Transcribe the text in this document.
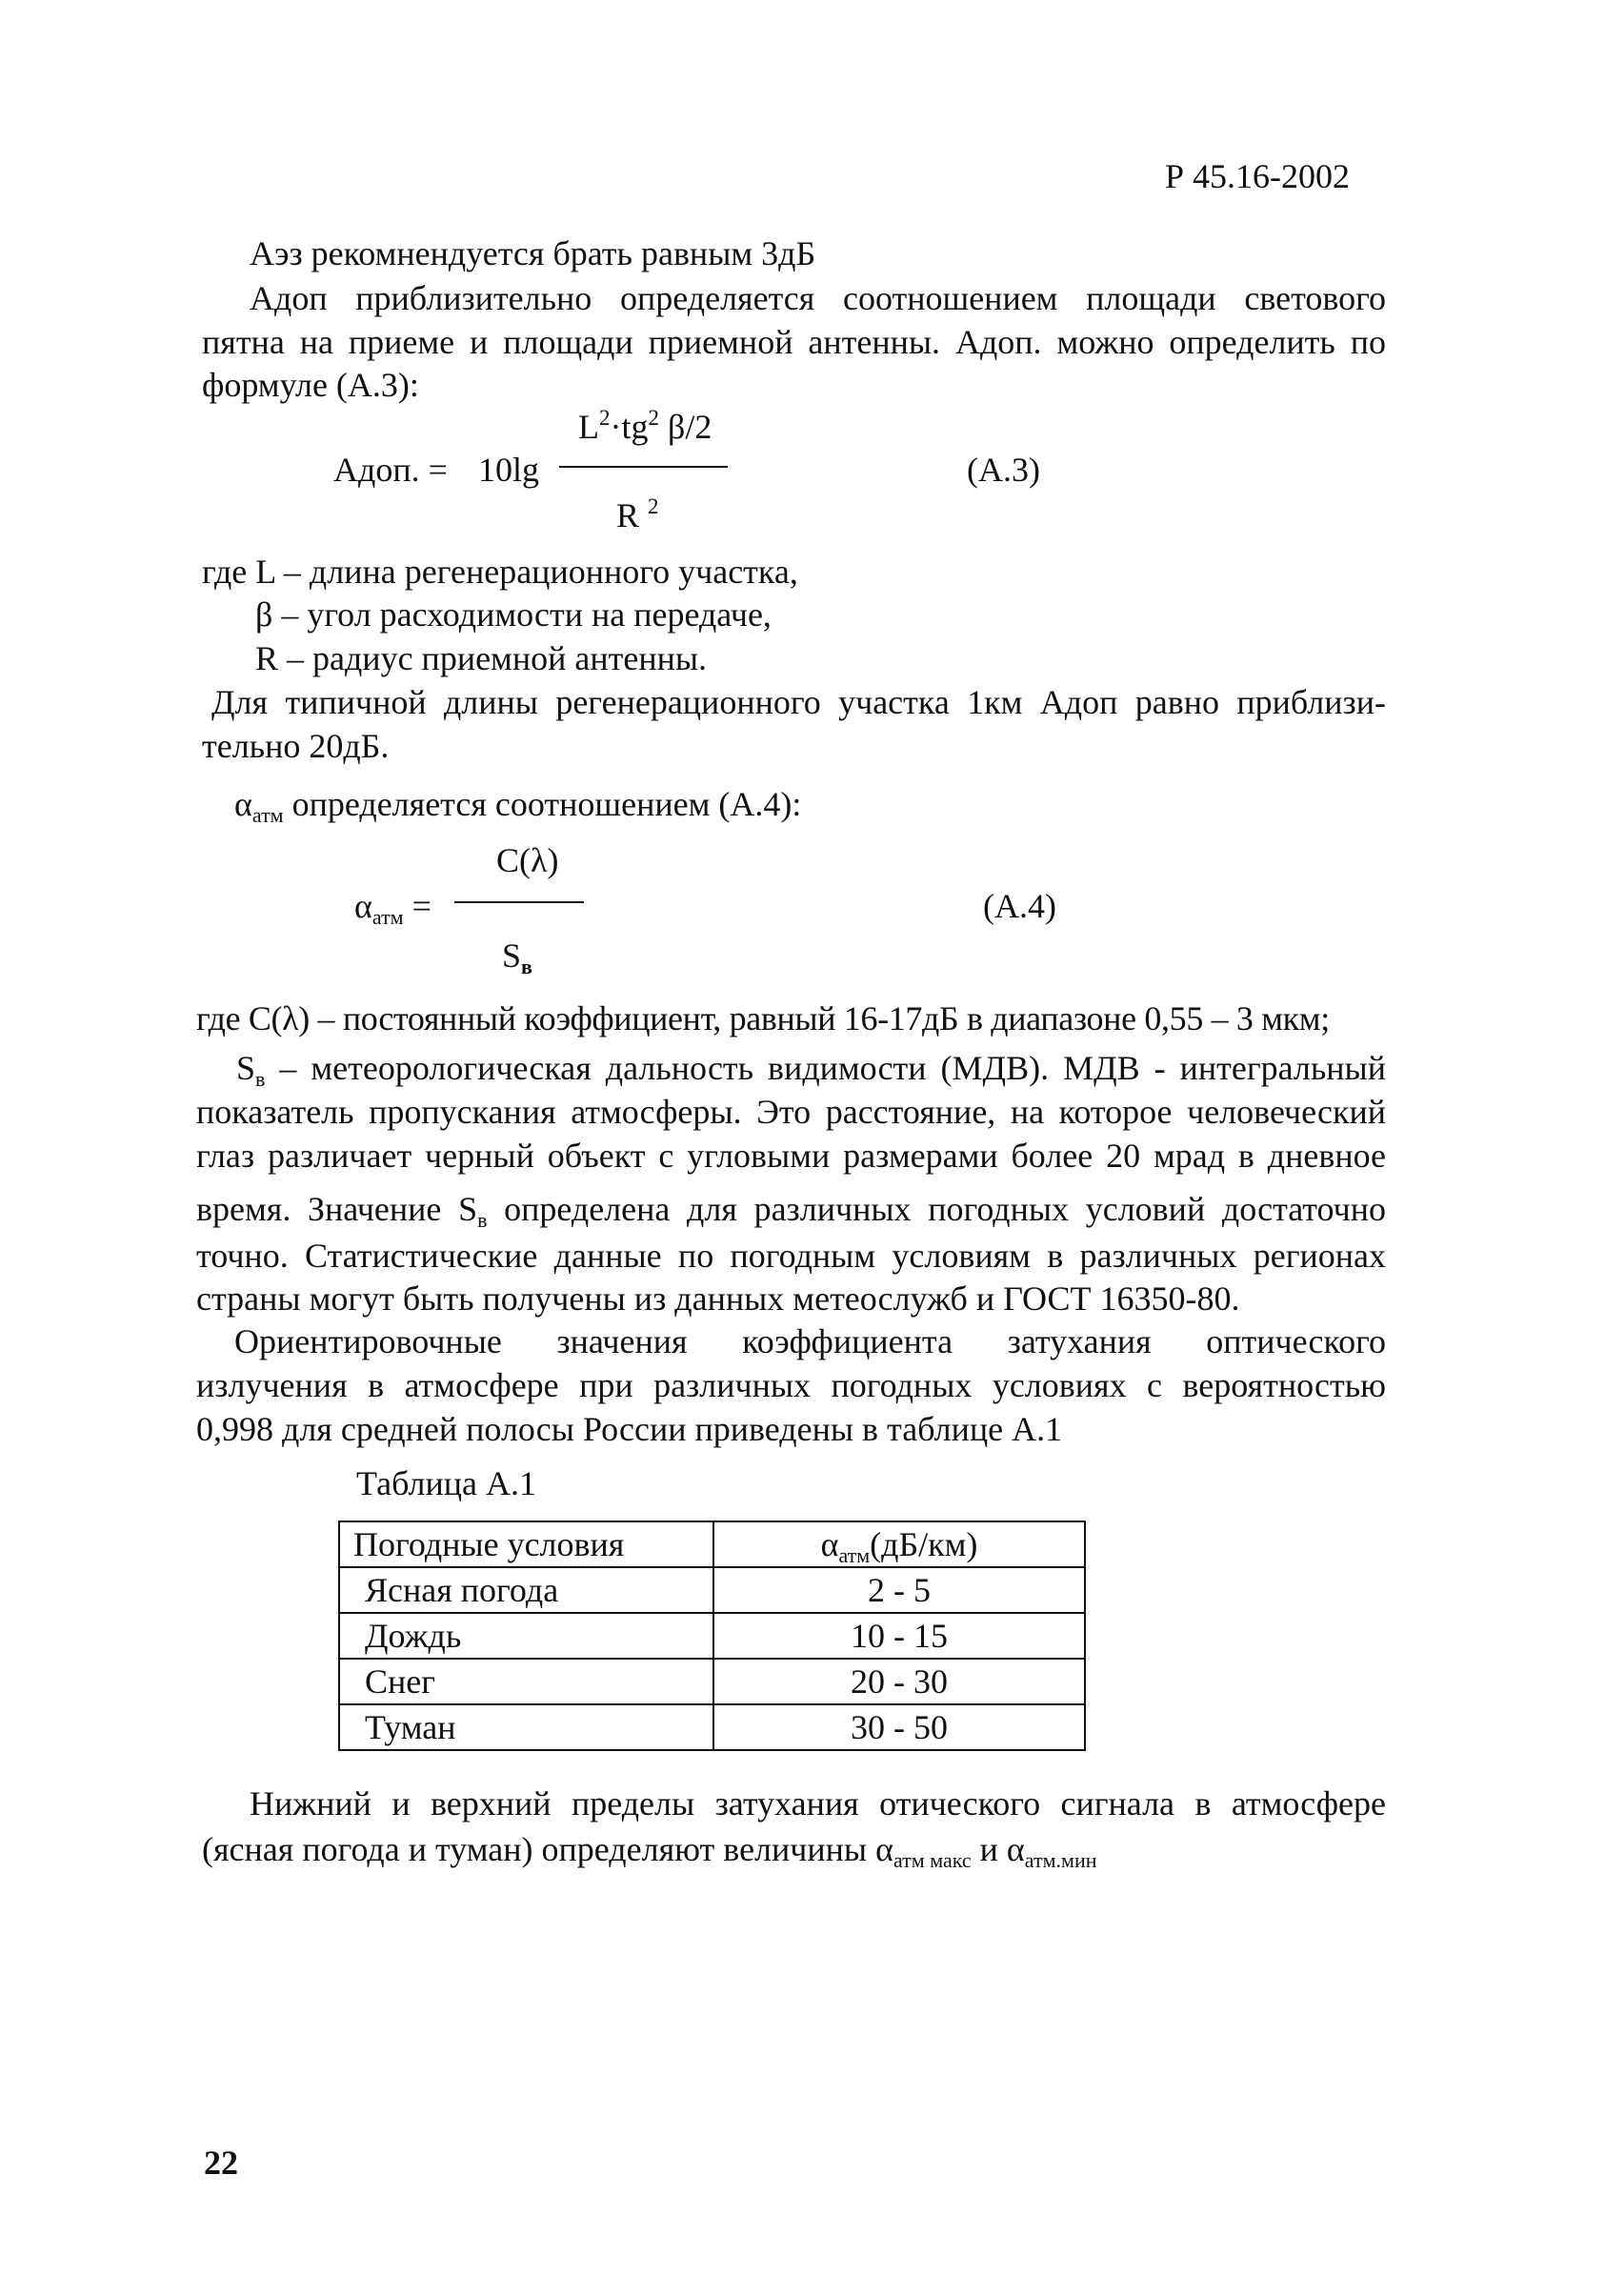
Р 45.16-2002
Аэз рекомнендуется брать равным 3дБ
Адоп приблизительно определяется соотношением площади светового
пятна на приеме и площади приемной антенны. Адоп. можно определить по
формуле (А.3):
Адоп. = 10lg
$L^2\cdot tg^2$ β/2
R $^2$
(А.3)
где L – длина регенерационного участка,
β – угол расходимости на передаче,
R – радиус приемной антенны.
Для типичной длины регенерационного участка 1км Адоп равно приблизи-
тельно 20дБ.
$\alpha_{атм}$ определяется соотношением (А.4):
C(λ)
$\alpha_{атм}$ =
$S_в$
(А.4)
где C(λ) – постоянный коэффициент, равный 16-17дБ в диапазоне 0,55 – 3 мкм;
$S_в$ – метеорологическая дальность видимости (МДВ). МДВ - интегральный
показатель пропускания атмосферы. Это расстояние, на которое человеческий
глаз различает черный объект с угловыми размерами более 20 мрад в дневное
время. Значение $S_в$ определена для различных погодных условий достаточно
точно. Статистические данные по погодным условиям в различных регионах
страны могут быть получены из данных метеослужб и ГОСТ 16350-80.
Ориентировочные значения коэффициента затухания оптического
излучения в атмосфере при различных погодных условиях с вероятностью
0,998 для средней полосы России приведены в таблице А.1
Таблица А.1
Погодные условия	$\alpha_{атм}(дБ/км)$
Ясная погода	2 - 5
Дождь	10 - 15
Снег	20 - 30
Туман	30 - 50
Нижний и верхний пределы затухания отического сигнала в атмосфере
(ясная погода и туман) определяют величины $\alpha_{атм макс}$ и $\alpha_{атм.мин}$
22
